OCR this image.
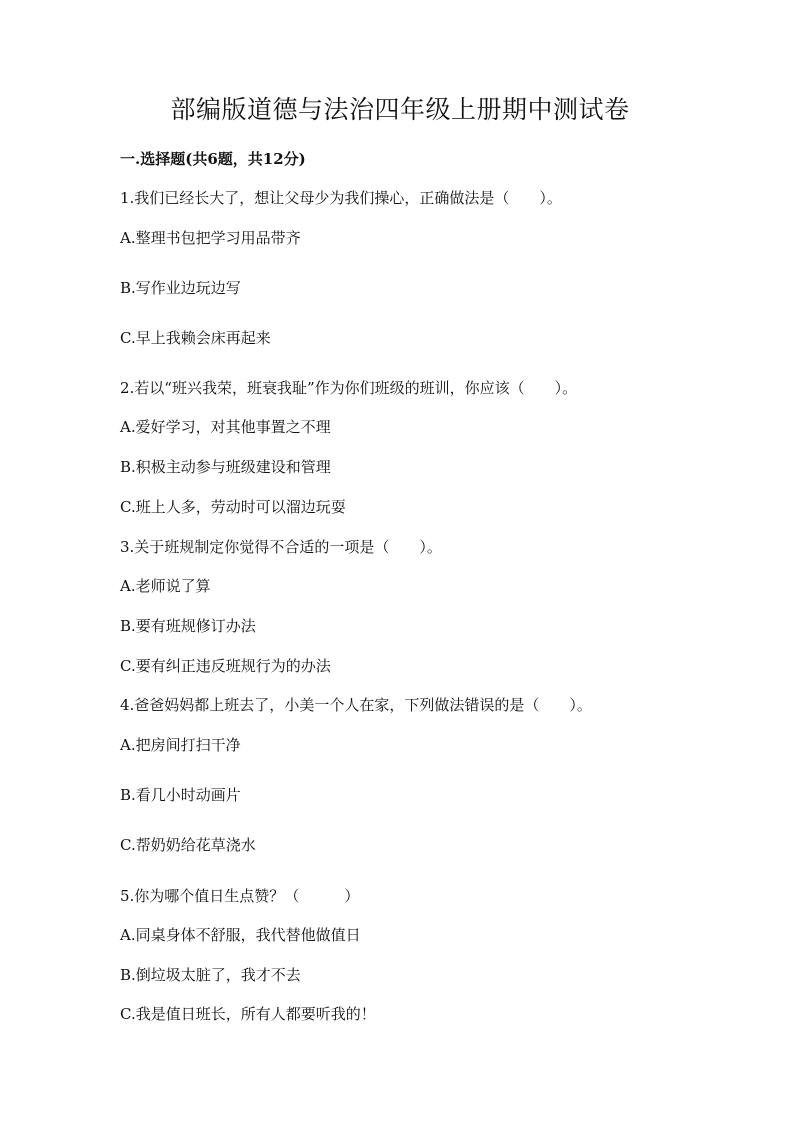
部编版道德与法治四年级上册期中测试卷
一.选择题(共6题，共12分)
1.我们已经长大了，想让父母少为我们操心，正确做法是（　　）。
A.整理书包把学习用品带齐
B.写作业边玩边写
C.早上我赖会床再起来
2.若以“班兴我荣，班衰我耻”作为你们班级的班训，你应该（　　）。
A.爱好学习，对其他事置之不理
B.积极主动参与班级建设和管理
C.班上人多，劳动时可以溜边玩耍
3.关于班规制定你觉得不合适的一项是（　　）。
A.老师说了算
B.要有班规修订办法
C.要有纠正违反班规行为的办法
4.爸爸妈妈都上班去了，小美一个人在家，下列做法错误的是（　　）。
A.把房间打扫干净
B.看几小时动画片
C.帮奶奶给花草浇水
5.你为哪个值日生点赞？（　　　）
A.同桌身体不舒服，我代替他做值日
B.倒垃圾太脏了，我才不去
C.我是值日班长，所有人都要听我的！
